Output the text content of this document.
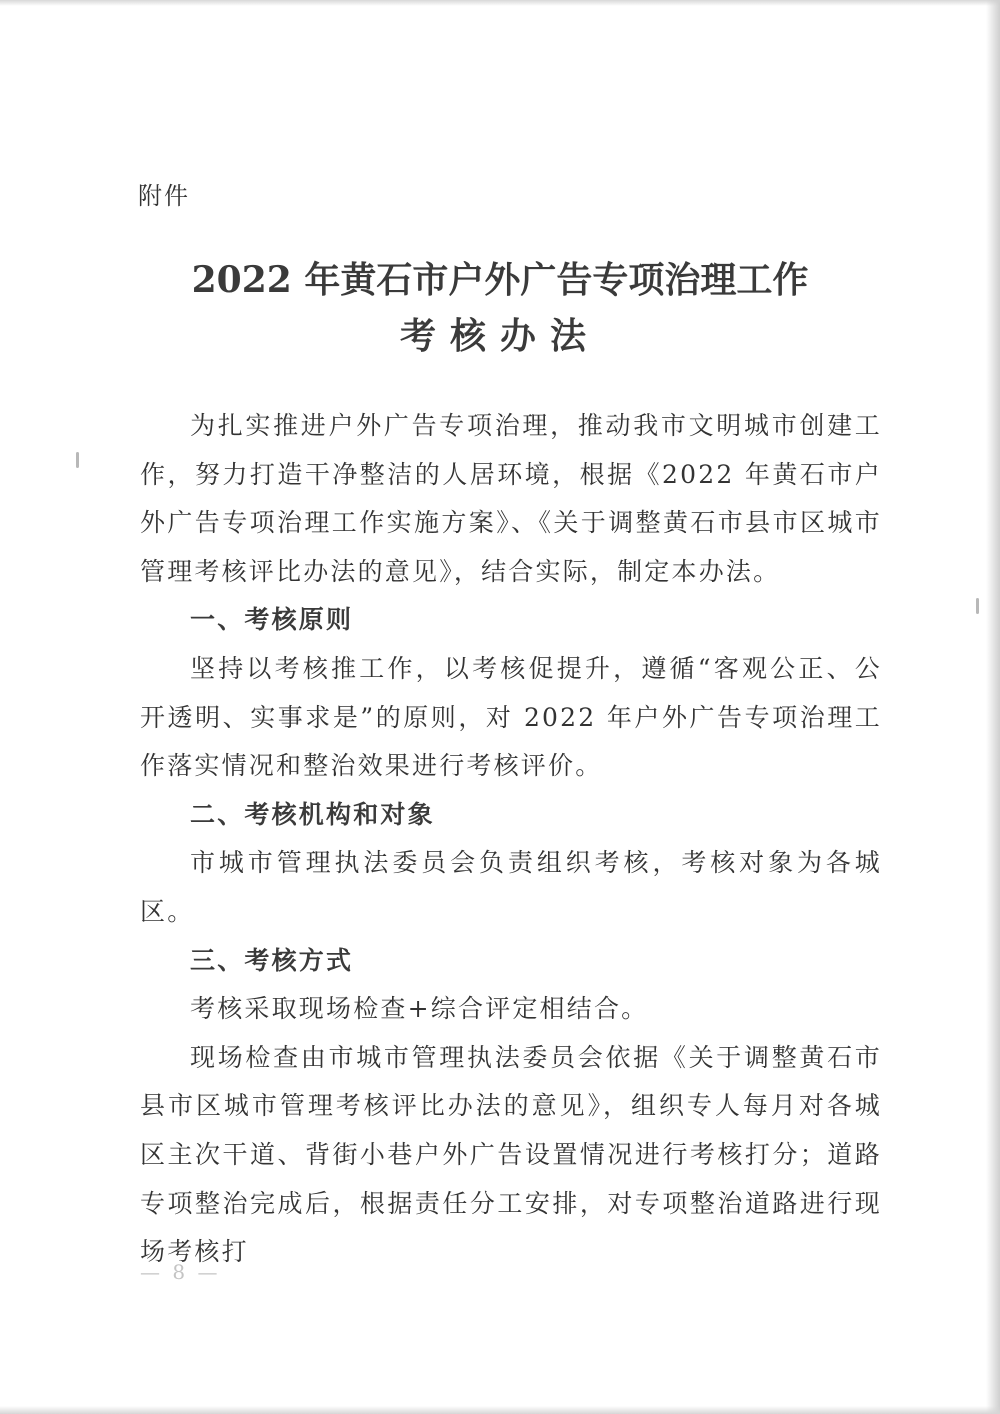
附件
2022 年黄石市户外广告专项治理工作
考核办法

为扎实推进户外广告专项治理，推动我市文明城市创建工作，努力打造干净整洁的人居环境，根据《2022 年黄石市户外广告专项治理工作实施方案》、《关于调整黄石市县市区城市管理考核评比办法的意见》，结合实际，制定本办法。

一、考核原则

坚持以考核推工作，以考核促提升，遵循“客观公正、公开透明、实事求是”的原则，对 2022 年户外广告专项治理工作落实情况和整治效果进行考核评价。

二、考核机构和对象

市城市管理执法委员会负责组织考核，考核对象为各城区。

三、考核方式

考核采取现场检查+综合评定相结合。

现场检查由市城市管理执法委员会依据《关于调整黄石市县市区城市管理考核评比办法的意见》，组织专人每月对各城区主次干道、背街小巷户外广告设置情况进行考核打分；道路专项整治完成后，根据责任分工安排，对专项整治道路进行现场考核打

— 8 —
